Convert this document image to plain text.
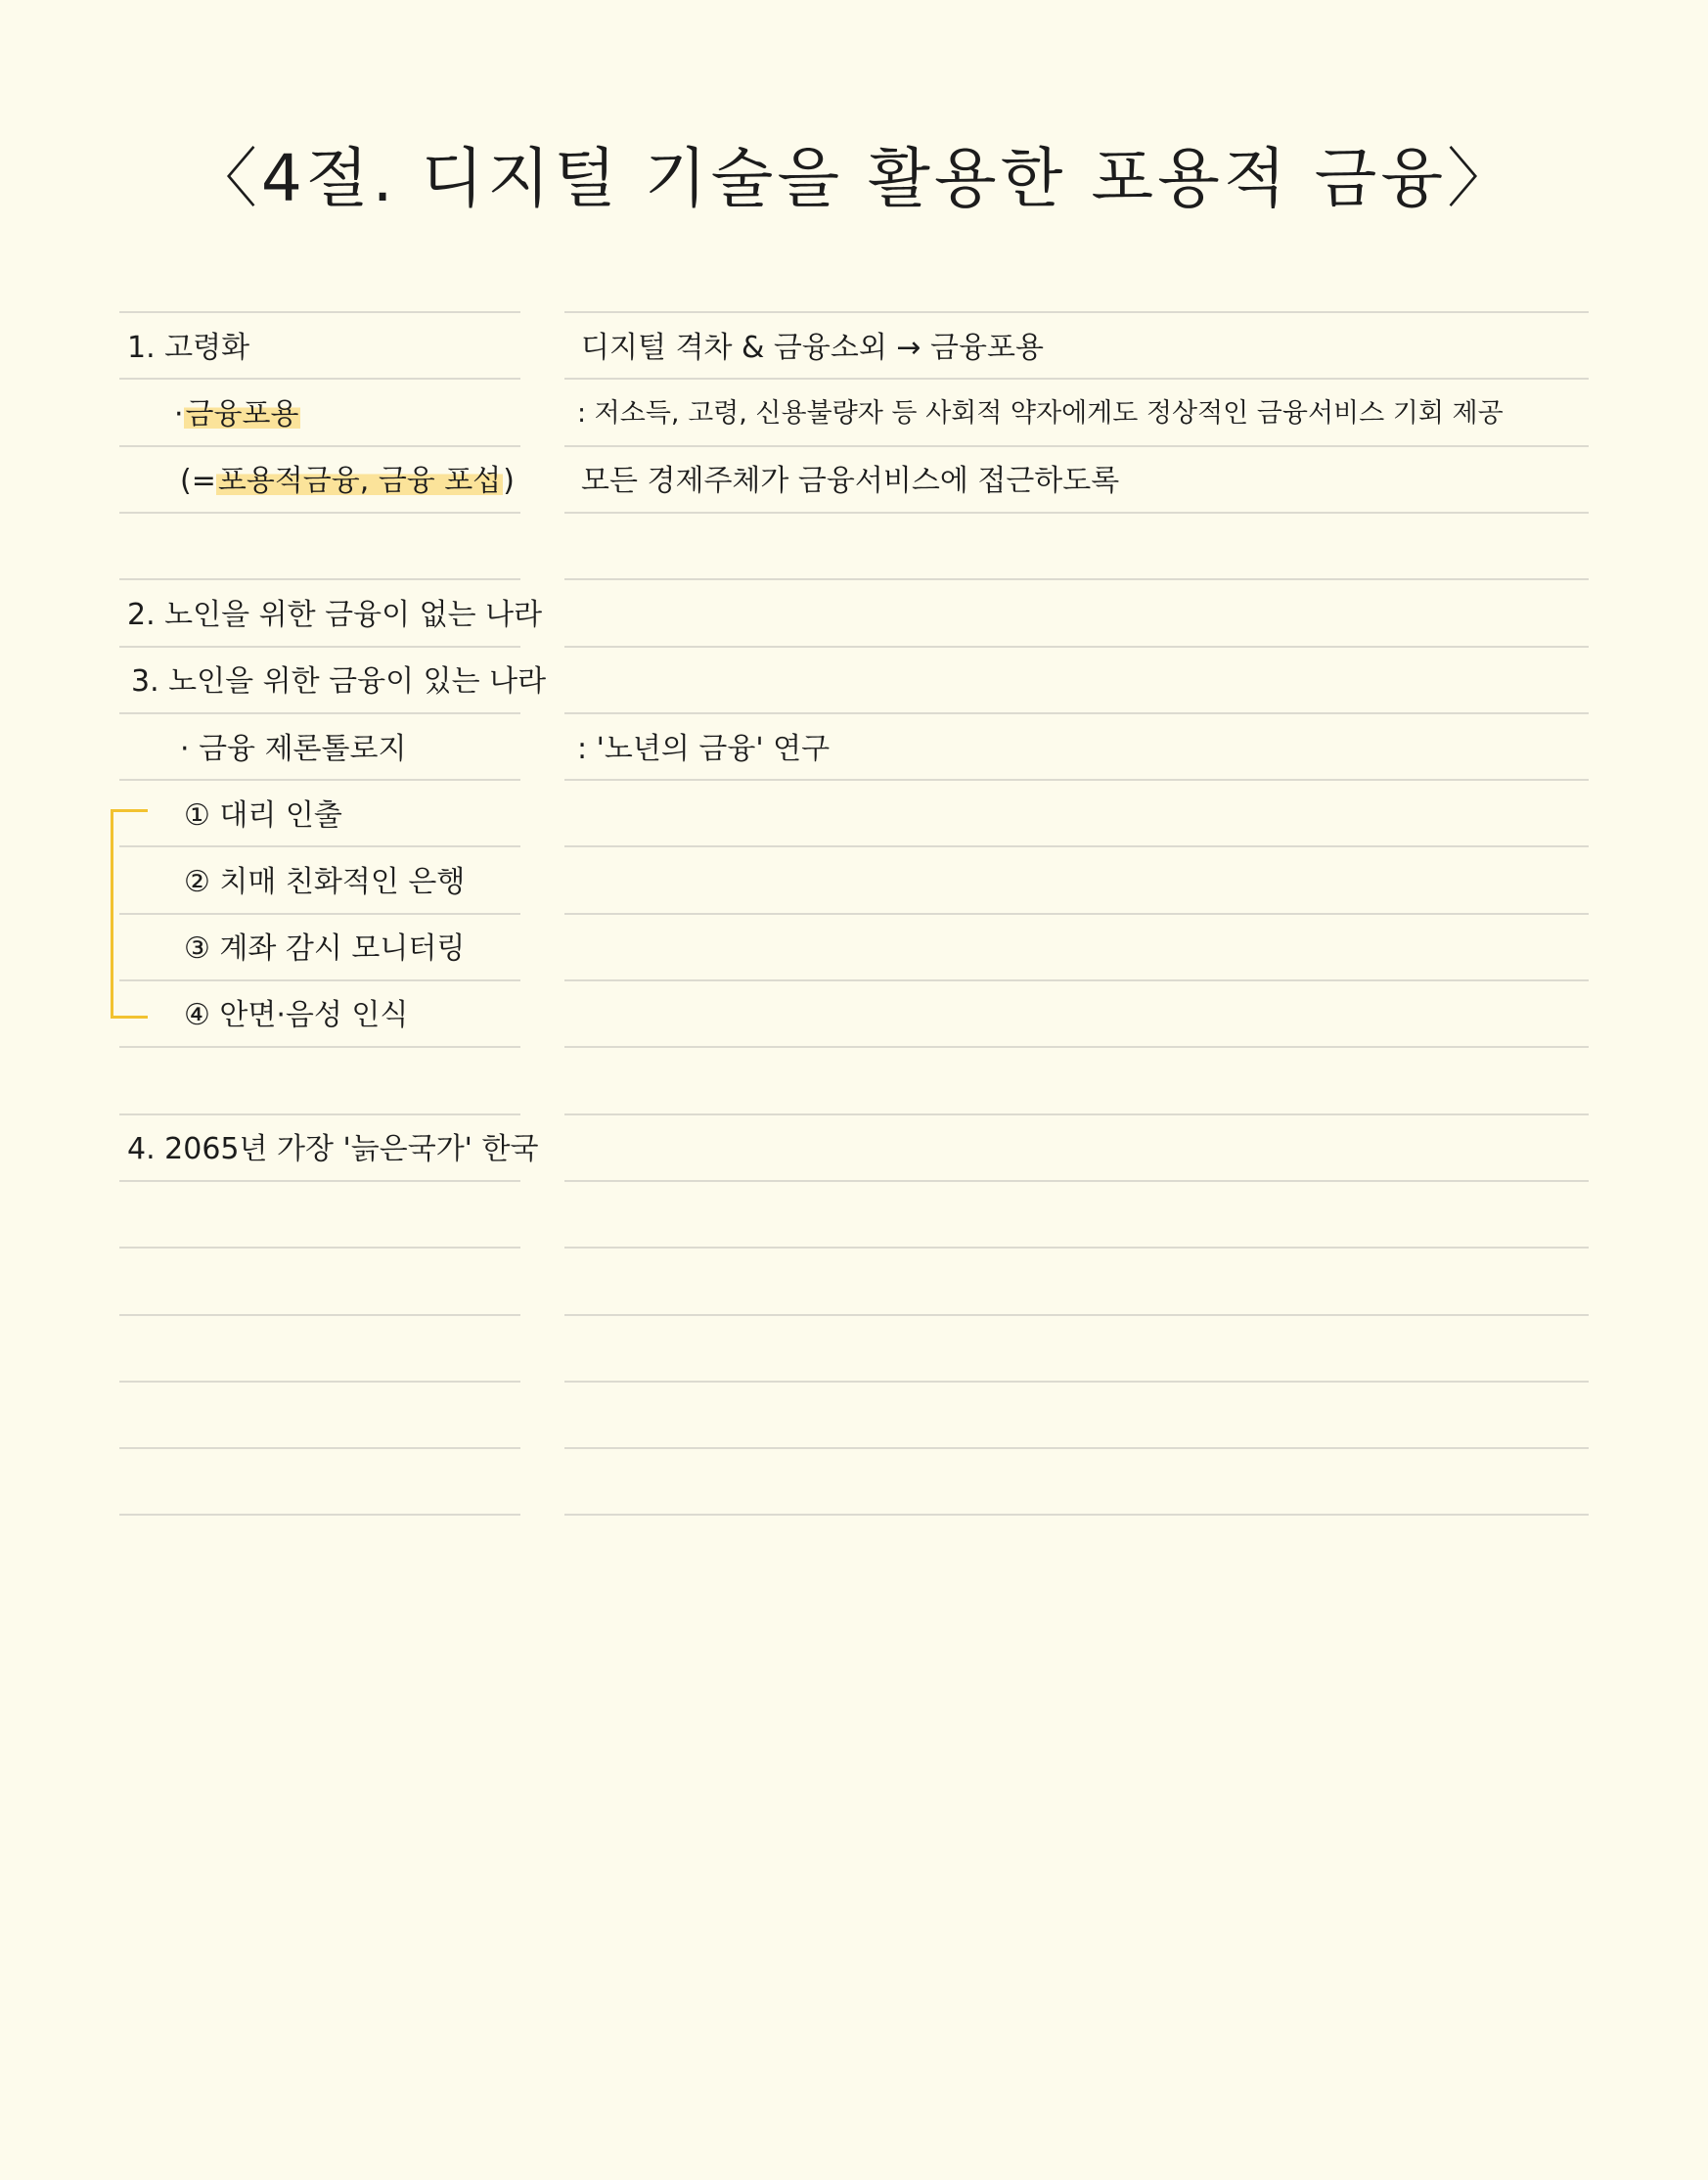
〈4절. 디지털 기술을 활용한 포용적 금융〉
1. 고령화
·금융포용
(=포용적금융, 금융 포섭)
2. 노인을 위한 금융이 없는 나라
3. 노인을 위한 금융이 있는 나라
· 금융 제론톨로지
① 대리 인출
② 치매 친화적인 은행
③ 계좌 감시 모니터링
④ 안면·음성 인식
4. 2065년 가장 '늙은국가' 한국
디지털 격차 & 금융소외 → 금융포용
: 저소득, 고령, 신용불량자 등 사회적 약자에게도 정상적인 금융서비스 기회 제공
모든 경제주체가 금융서비스에 접근하도록
: '노년의 금융' 연구
